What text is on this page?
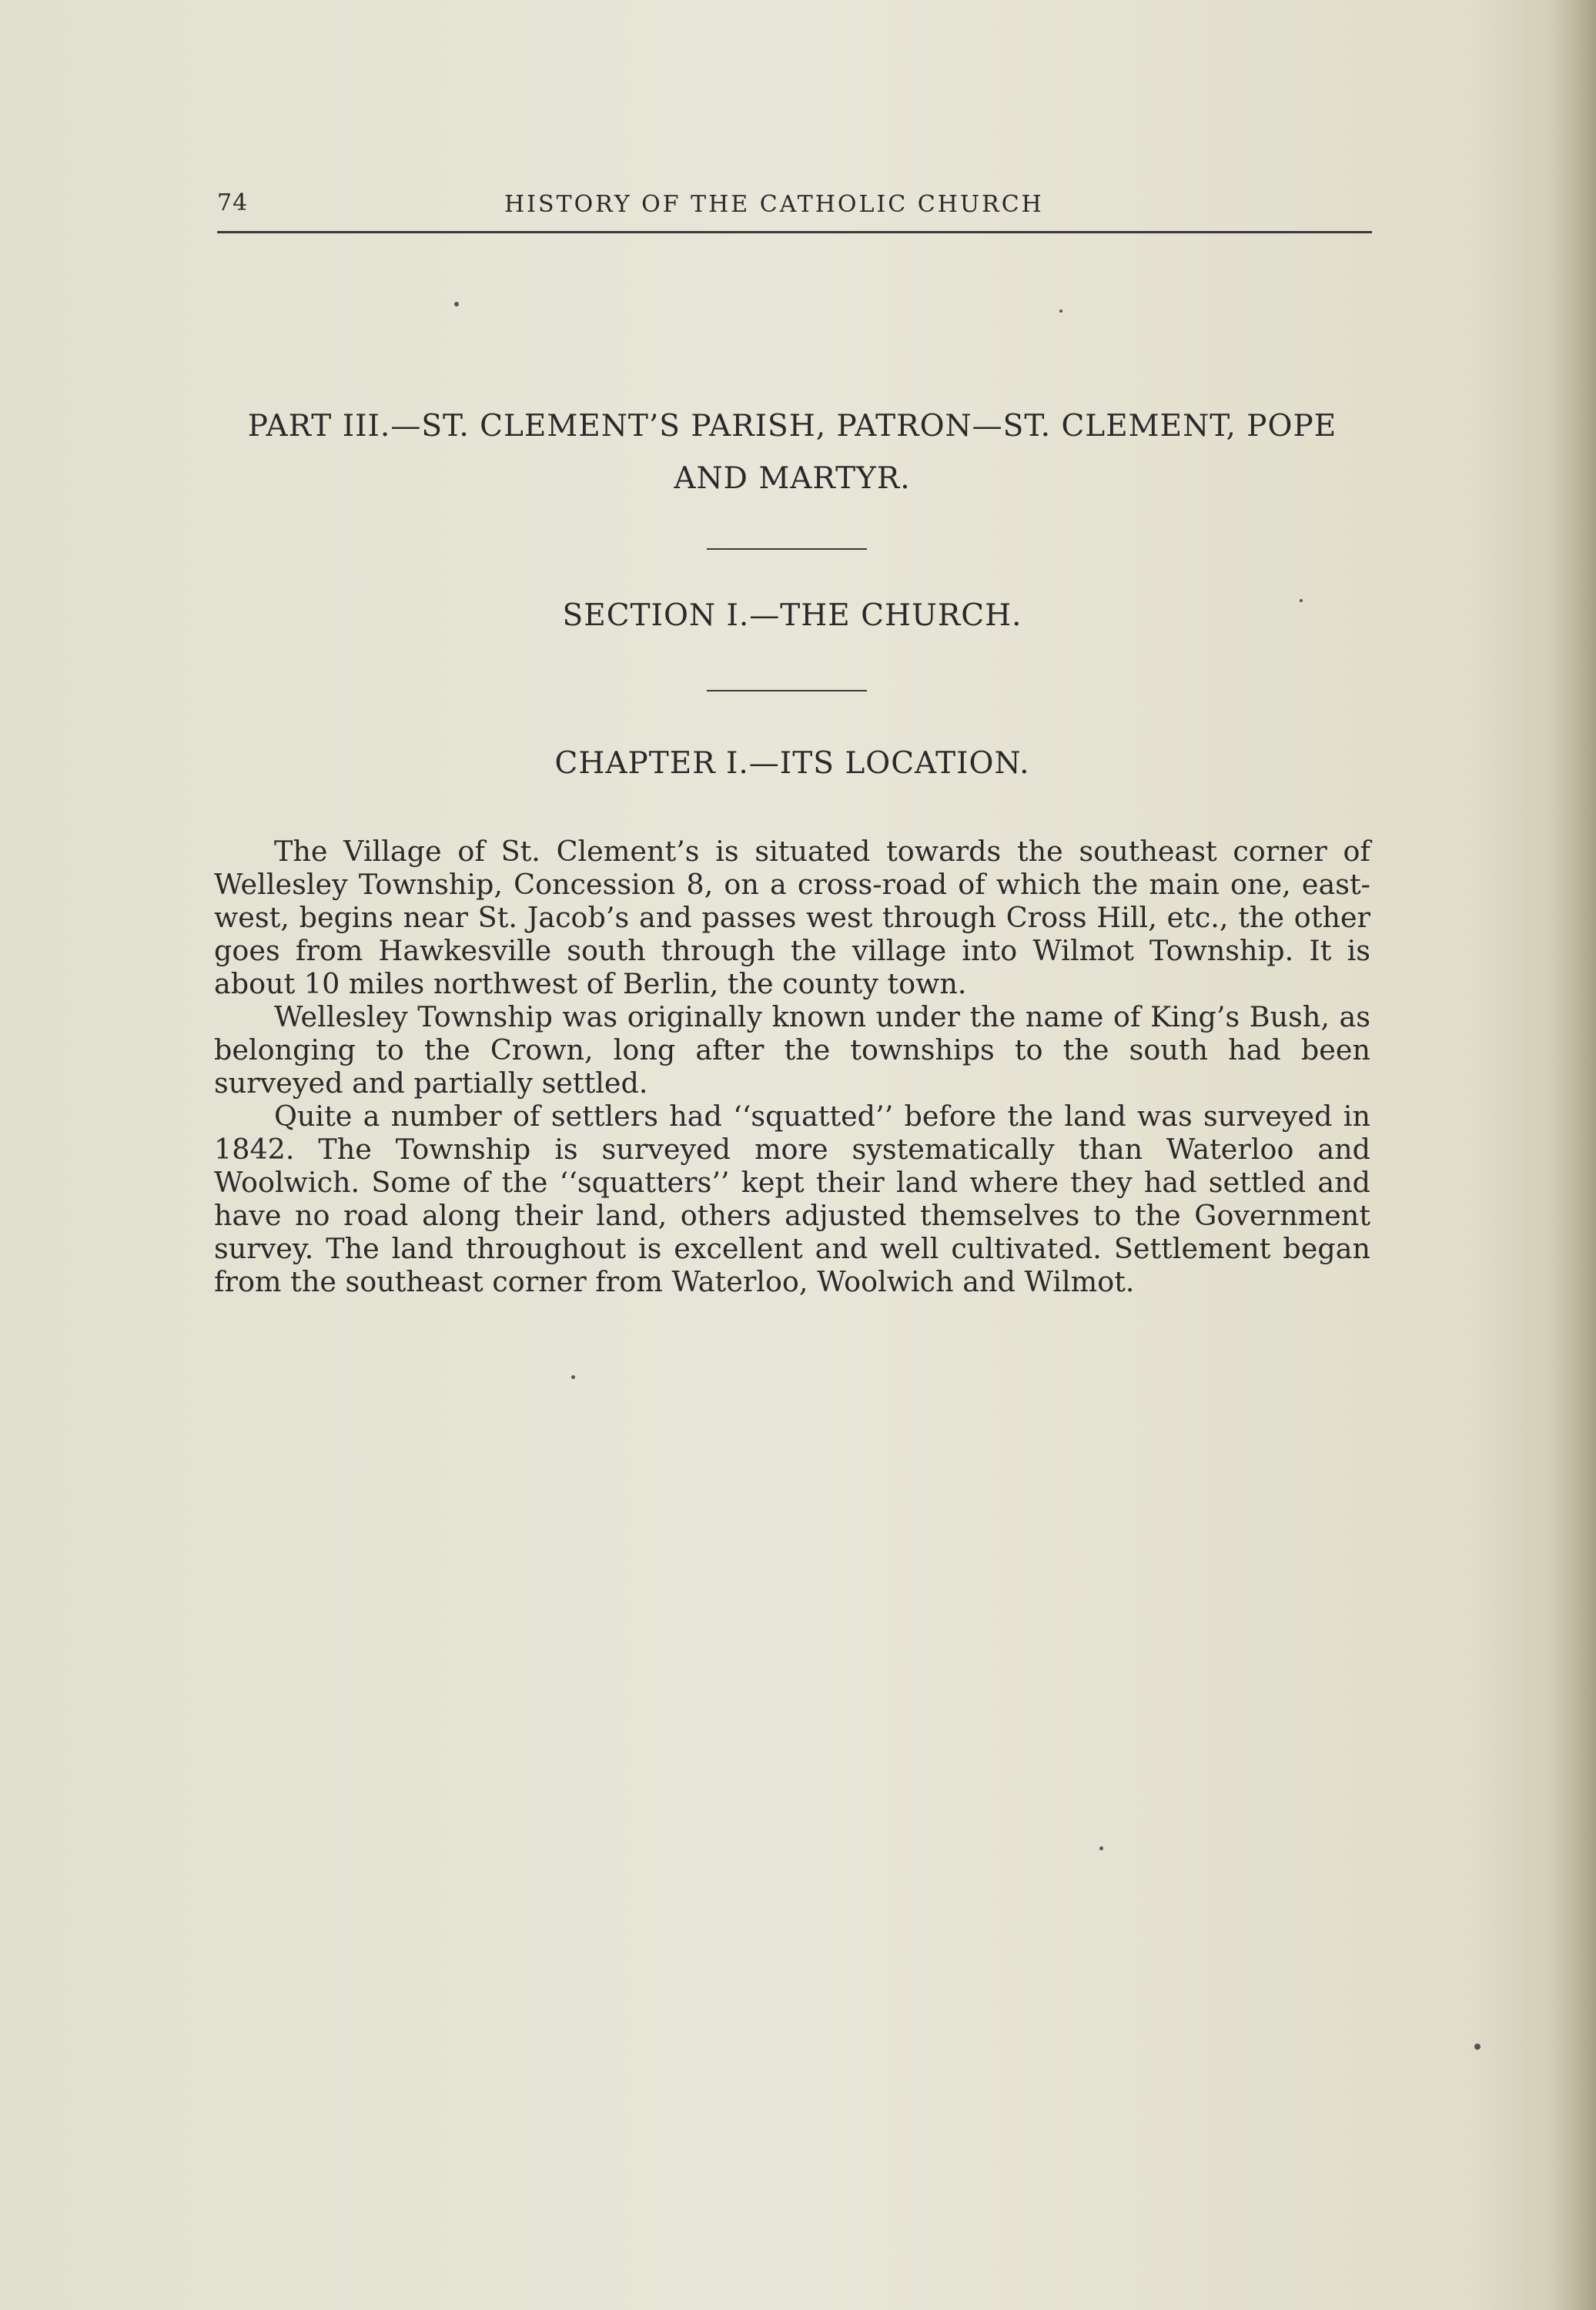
74	HISTORY OF THE CATHOLIC CHURCH
PART III.—ST. CLEMENT’S PARISH, PATRON—ST. CLEMENT, POPE AND MARTYR.
SECTION I.—THE CHURCH.
CHAPTER I.—ITS LOCATION.

The Village of St. Clement’s is situated towards the southeast corner of Wellesley Township, Concession 8, on a cross-road of which the main one, east-west, begins near St. Jacob’s and passes west through Cross Hill, etc., the other goes from Hawkesville south through the village into Wilmot Township. It is about 10 miles northwest of Berlin, the county town.

Wellesley Township was originally known under the name of King’s Bush, as belonging to the Crown, long after the townships to the south had been surveyed and partially settled.

Quite a number of settlers had ‘‘squatted’’ before the land was surveyed in 1842. The Township is surveyed more systematically than Waterloo and Woolwich. Some of the ‘‘squatters’’ kept their land where they had settled and have no road along their land, others adjusted themselves to the Government survey. The land throughout is excellent and well cultivated. Settlement began from the southeast corner from Waterloo, Woolwich and Wilmot.
